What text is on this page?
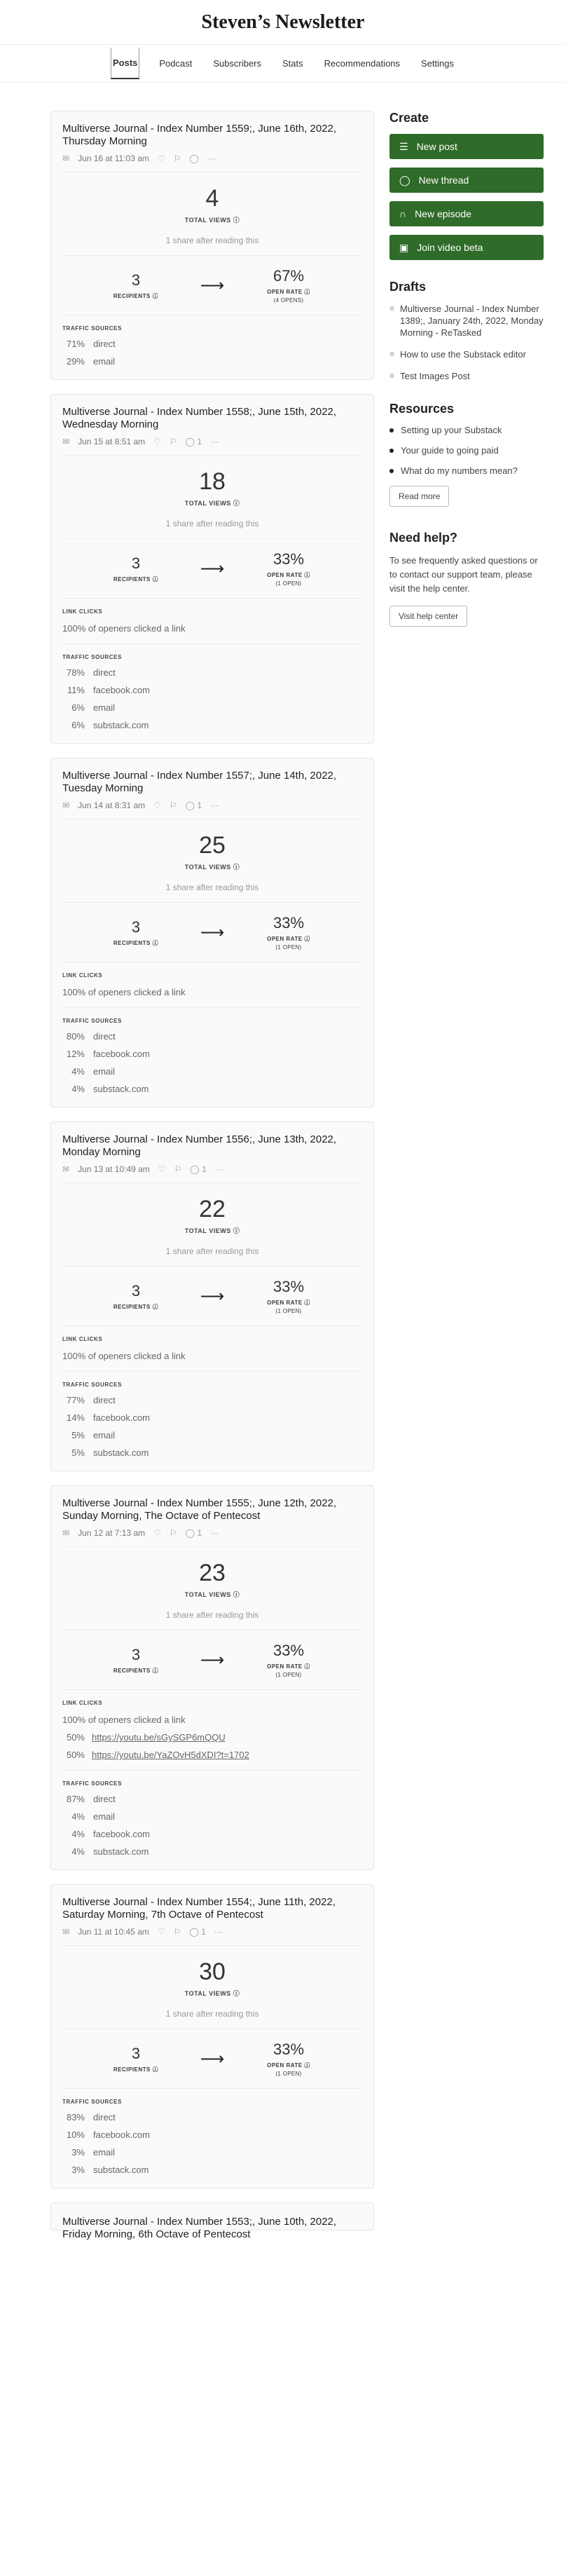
Steven’s Newsletter
Posts Podcast Subscribers Stats Recommendations Settings
Multiverse Journal - Index Number 1559;, June 16th, 2022, Thursday Morning
✉ Jun 16 at 11:03 am ♡ ⚐ ◯ ···
4
TOTAL VIEWS ⓘ
1 share after reading this
3
RECIPIENTS ⓘ
⟶	67%
OPEN RATE ⓘ
(4 OPENS)
TRAFFIC SOURCES
71% direct
29% email
Multiverse Journal - Index Number 1558;, June 15th, 2022, Wednesday Morning
✉ Jun 15 at 8:51 am ♡ ⚐ ◯ 1 ···
18
TOTAL VIEWS ⓘ
1 share after reading this
3
RECIPIENTS ⓘ
⟶	33%
OPEN RATE ⓘ
(1 OPEN)
LINK CLICKS
100% of openers clicked a link
TRAFFIC SOURCES
78% direct
11% facebook.com
6% email
6% substack.com
Multiverse Journal - Index Number 1557;, June 14th, 2022, Tuesday Morning
✉ Jun 14 at 8:31 am ♡ ⚐ ◯ 1 ···
25
TOTAL VIEWS ⓘ
1 share after reading this
3
RECIPIENTS ⓘ
⟶	33%
OPEN RATE ⓘ
(1 OPEN)
LINK CLICKS
100% of openers clicked a link
TRAFFIC SOURCES
80% direct
12% facebook.com
4% email
4% substack.com
Multiverse Journal - Index Number 1556;, June 13th, 2022, Monday Morning
✉ Jun 13 at 10:49 am ♡ ⚐ ◯ 1 ···
22
TOTAL VIEWS ⓘ
1 share after reading this
3
RECIPIENTS ⓘ
⟶	33%
OPEN RATE ⓘ
(1 OPEN)
LINK CLICKS
100% of openers clicked a link
TRAFFIC SOURCES
77% direct
14% facebook.com
5% email
5% substack.com
Multiverse Journal - Index Number 1555;, June 12th, 2022, Sunday Morning, The Octave of Pentecost
✉ Jun 12 at 7:13 am ♡ ⚐ ◯ 1 ···
23
TOTAL VIEWS ⓘ
1 share after reading this
3
RECIPIENTS ⓘ
⟶	33%
OPEN RATE ⓘ
(1 OPEN)
LINK CLICKS
100% of openers clicked a link
50% https://youtu.be/sGySGP6mQQU
50% https://youtu.be/YaZOvH5dXDI?t=1702
TRAFFIC SOURCES
87% direct
4% email
4% facebook.com
4% substack.com
Multiverse Journal - Index Number 1554;, June 11th, 2022, Saturday Morning, 7th Octave of Pentecost
✉ Jun 11 at 10:45 am ♡ ⚐ ◯ 1 ···
30
TOTAL VIEWS ⓘ
1 share after reading this
3
RECIPIENTS ⓘ
⟶	33%
OPEN RATE ⓘ
(1 OPEN)
TRAFFIC SOURCES
83% direct
10% facebook.com
3% email
3% substack.com
Multiverse Journal - Index Number 1553;, June 10th, 2022, Friday Morning, 6th Octave of Pentecost
Create
☰ New post
◯ New thread
∩ New episode
▣ Join video beta
Drafts
≡ Multiverse Journal - Index Number 1389;, January 24th, 2022, Monday Morning - ReTasked
≡ How to use the Substack editor
≡ Test Images Post
Resources
Setting up your Substack
Your guide to going paid
What do my numbers mean?
Read more
Need help?
To see frequently asked questions or to contact our support team, please visit the help center.
Visit help center
